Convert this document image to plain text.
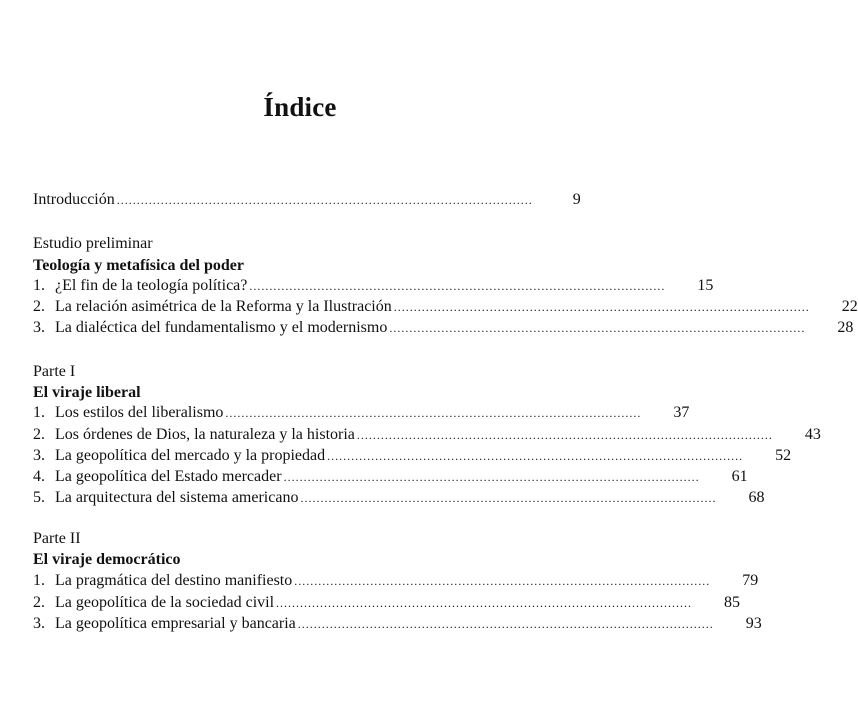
Índice
Introducción ........................................................................................................	9
Estudio preliminar
Teología y metafísica del poder
1. ¿El fin de la teología política? ........................................................................................................	15
2. La relación asimétrica de la Reforma y la Ilustración ........................................................................................................	22
3. La dialéctica del fundamentalismo y el modernismo ........................................................................................................	28
Parte I
El viraje liberal
1. Los estilos del liberalismo ........................................................................................................	37
2. Los órdenes de Dios, la naturaleza y la historia ........................................................................................................	43
3. La geopolítica del mercado y la propiedad ........................................................................................................	52
4. La geopolítica del Estado mercader ........................................................................................................	61
5. La arquitectura del sistema americano ........................................................................................................	68
Parte II
El viraje democrático
1. La pragmática del destino manifiesto ........................................................................................................	79
2. La geopolítica de la sociedad civil ........................................................................................................	85
3. La geopolítica empresarial y bancaria ........................................................................................................	93
